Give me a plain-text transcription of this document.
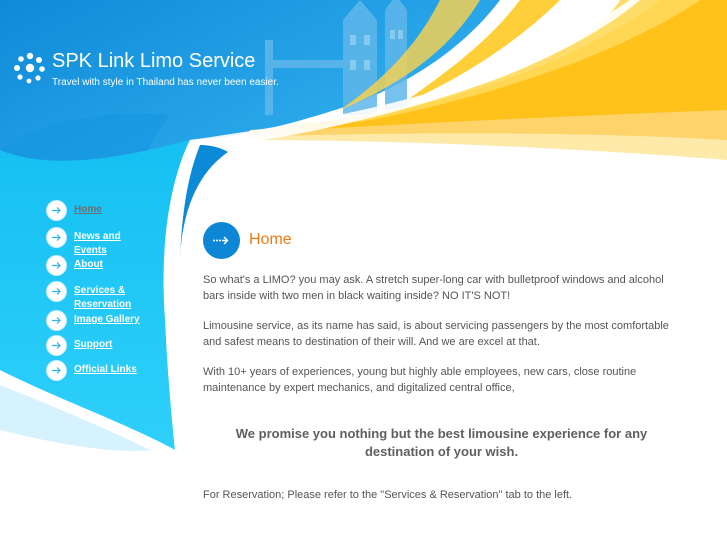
SPK Link Limo Service
Travel with style in Thailand has never been easier.
Home
News and Events
About
Services & Reservation
Image Gallery
Support
Official Links
Home

So what's a LIMO? you may ask. A stretch super-long car with bulletproof windows and alcohol bars inside with two men in black waiting inside? NO IT'S NOT!

Limousine service, as its name has said, is about servicing passengers by the most comfortable and safest means to destination of their will. And we are excel at that.

With 10+ years of experiences, young but highly able employees, new cars, close routine maintenance by expert mechanics, and digitalized central office,

We promise you nothing but the best limousine experience for any destination of your wish.

For Reservation; Please refer to the "Services & Reservation" tab to the left.
